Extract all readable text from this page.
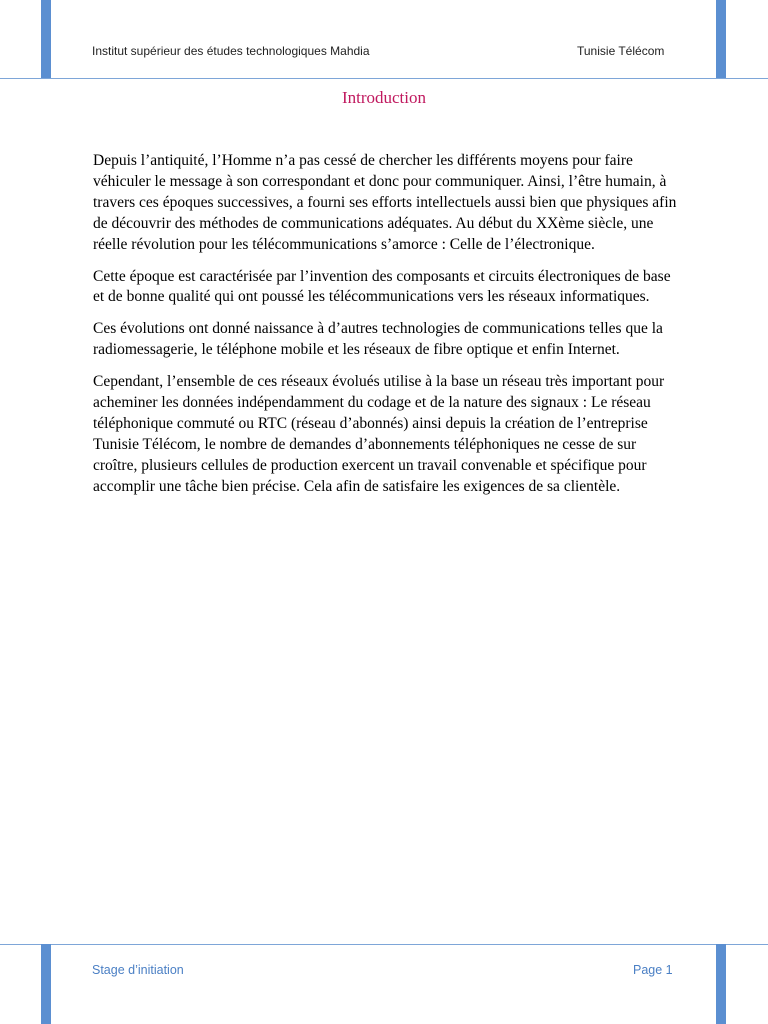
Institut supérieur des études technologiques Mahdia	Tunisie Télécom
Introduction

Depuis l’antiquité, l’Homme n’a pas cessé de chercher les différents moyens pour faire véhiculer le message à son correspondant et donc pour communiquer. Ainsi, l’être humain, à travers ces époques successives, a fourni ses efforts intellectuels aussi bien que physiques afin de découvrir des méthodes de communications adéquates. Au début du XXème siècle, une réelle révolution pour les télécommunications s’amorce : Celle de l’électronique.

Cette époque est caractérisée par l’invention des composants et circuits électroniques de base et de bonne qualité qui ont poussé les télécommunications vers les réseaux informatiques.

Ces évolutions ont donné naissance à d’autres technologies de communications telles que la radiomessagerie, le téléphone mobile et les réseaux de fibre optique et enfin Internet.

Cependant, l’ensemble de ces réseaux évolués utilise à la base un réseau très important pour acheminer les données indépendamment du codage et de la nature des signaux : Le réseau téléphonique commuté ou RTC (réseau d’abonnés) ainsi depuis la création de l’entreprise Tunisie Télécom, le nombre de demandes d’abonnements téléphoniques ne cesse de sur croître, plusieurs cellules de production exercent un travail convenable et spécifique pour accomplir une tâche bien précise. Cela afin de satisfaire les exigences de sa clientèle.

Stage d’initiation	Page 1
